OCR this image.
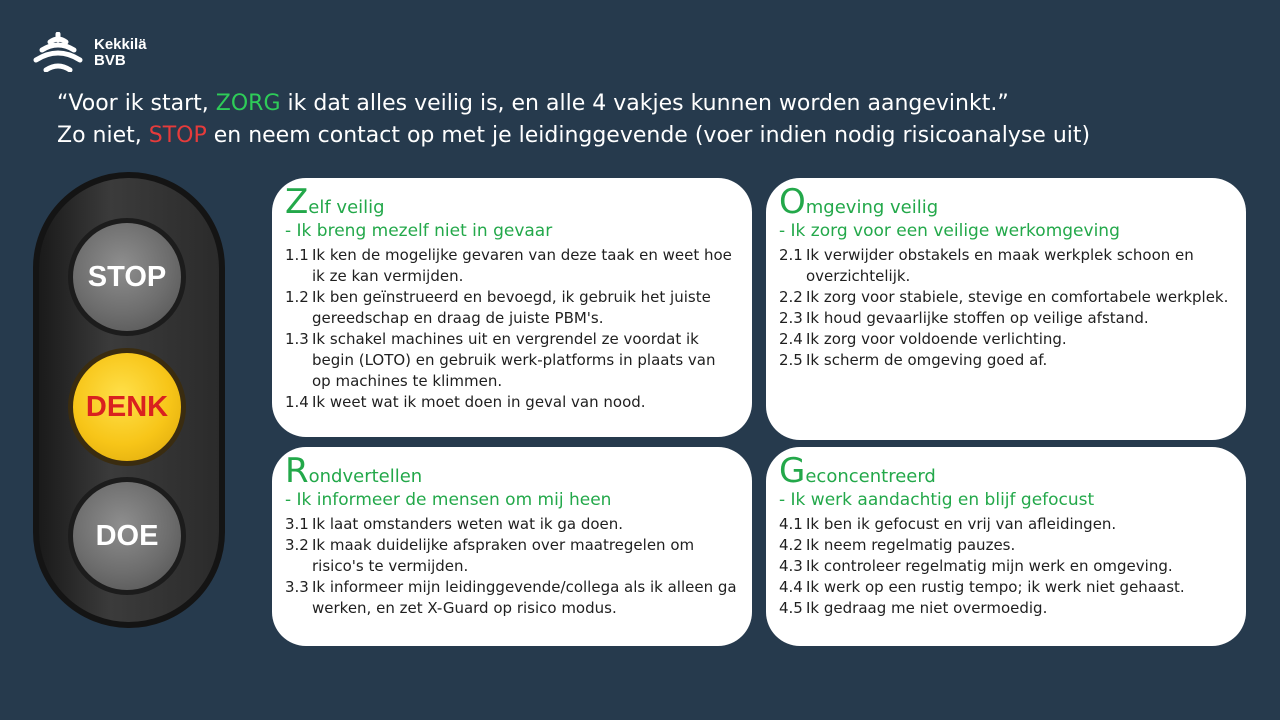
Kekkilä
BVB
“Voor ik start, ZORG ik dat alles veilig is, en alle 4 vakjes kunnen worden aangevinkt.”
Zo niet, STOP en neem contact op met je leidinggevende (voer indien nodig risicoanalyse uit)
STOP
DENK
DOE
Zelf veilig
- Ik breng mezelf niet in gevaar
1.1 Ik ken de mogelijke gevaren van deze taak en weet hoe ik ze kan vermijden.
1.2 Ik ben geïnstrueerd en bevoegd, ik gebruik het juiste gereedschap en draag de juiste PBM's.
1.3 Ik schakel machines uit en vergrendel ze voordat ik begin (LOTO) en gebruik werk-platforms in plaats van op machines te klimmen.
1.4 Ik weet wat ik moet doen in geval van nood.
Omgeving veilig
- Ik zorg voor een veilige werkomgeving
2.1 Ik verwijder obstakels en maak werkplek schoon en overzichtelijk.
2.2 Ik zorg voor stabiele, stevige en comfortabele werkplek.
2.3 Ik houd gevaarlijke stoffen op veilige afstand.
2.4 Ik zorg voor voldoende verlichting.
2.5 Ik scherm de omgeving goed af.
Rondvertellen
- Ik informeer de mensen om mij heen
3.1 Ik laat omstanders weten wat ik ga doen.
3.2 Ik maak duidelijke afspraken over maatregelen om risico's te vermijden.
3.3 Ik informeer mijn leidinggevende/collega als ik alleen ga werken, en zet X-Guard op risico modus.
Geconcentreerd
- Ik werk aandachtig en blijf gefocust
4.1 Ik ben ik gefocust en vrij van afleidingen.
4.2 Ik neem regelmatig pauzes.
4.3 Ik controleer regelmatig mijn werk en omgeving.
4.4 Ik werk op een rustig tempo; ik werk niet gehaast.
4.5 Ik gedraag me niet overmoedig.
